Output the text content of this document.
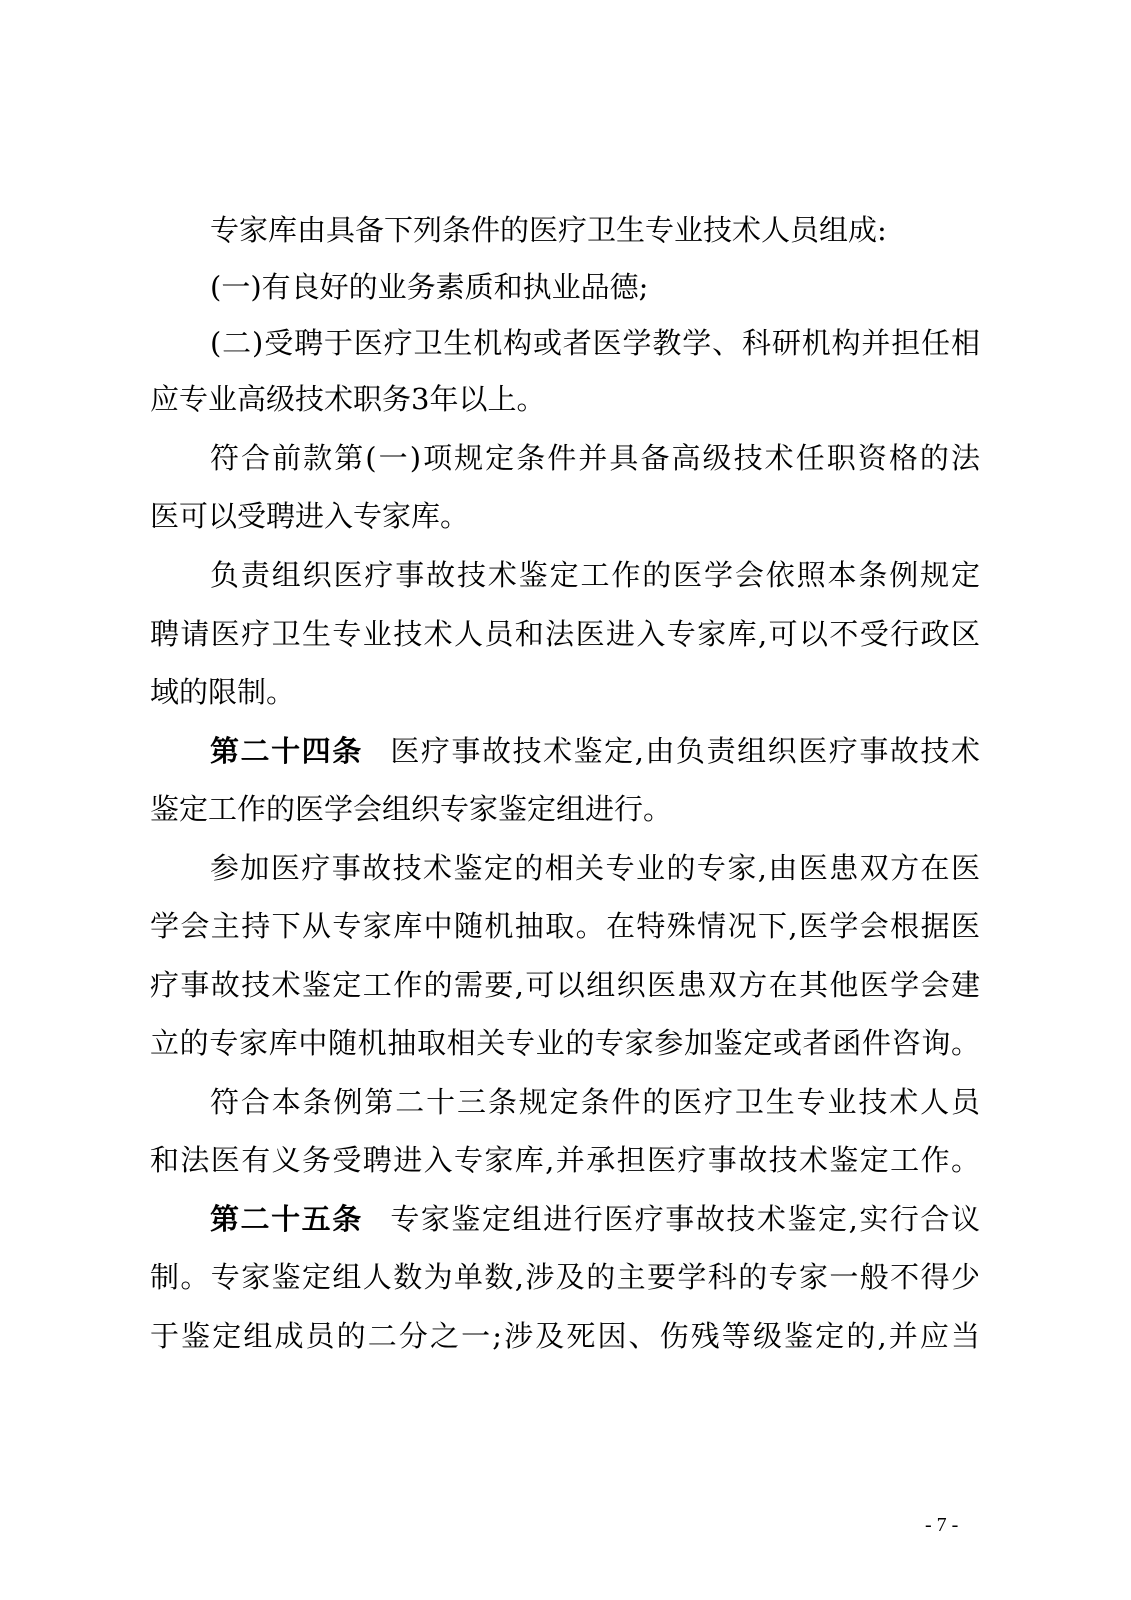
专家库由具备下列条件的医疗卫生专业技术人员组成:
(一)有良好的业务素质和执业品德;
(二)受聘于医疗卫生机构或者医学教学、科研机构并担任相
应专业高级技术职务3年以上。
符合前款第(一)项规定条件并具备高级技术任职资格的法
医可以受聘进入专家库。
负责组织医疗事故技术鉴定工作的医学会依照本条例规定
聘请医疗卫生专业技术人员和法医进入专家库,可以不受行政区
域的限制。
第二十四条 医疗事故技术鉴定,由负责组织医疗事故技术
鉴定工作的医学会组织专家鉴定组进行。
参加医疗事故技术鉴定的相关专业的专家,由医患双方在医
学会主持下从专家库中随机抽取。在特殊情况下,医学会根据医
疗事故技术鉴定工作的需要,可以组织医患双方在其他医学会建
立的专家库中随机抽取相关专业的专家参加鉴定或者函件咨询。
符合本条例第二十三条规定条件的医疗卫生专业技术人员
和法医有义务受聘进入专家库,并承担医疗事故技术鉴定工作。
第二十五条 专家鉴定组进行医疗事故技术鉴定,实行合议
制。专家鉴定组人数为单数,涉及的主要学科的专家一般不得少
于鉴定组成员的二分之一;涉及死因、伤残等级鉴定的,并应当
- 7 -
